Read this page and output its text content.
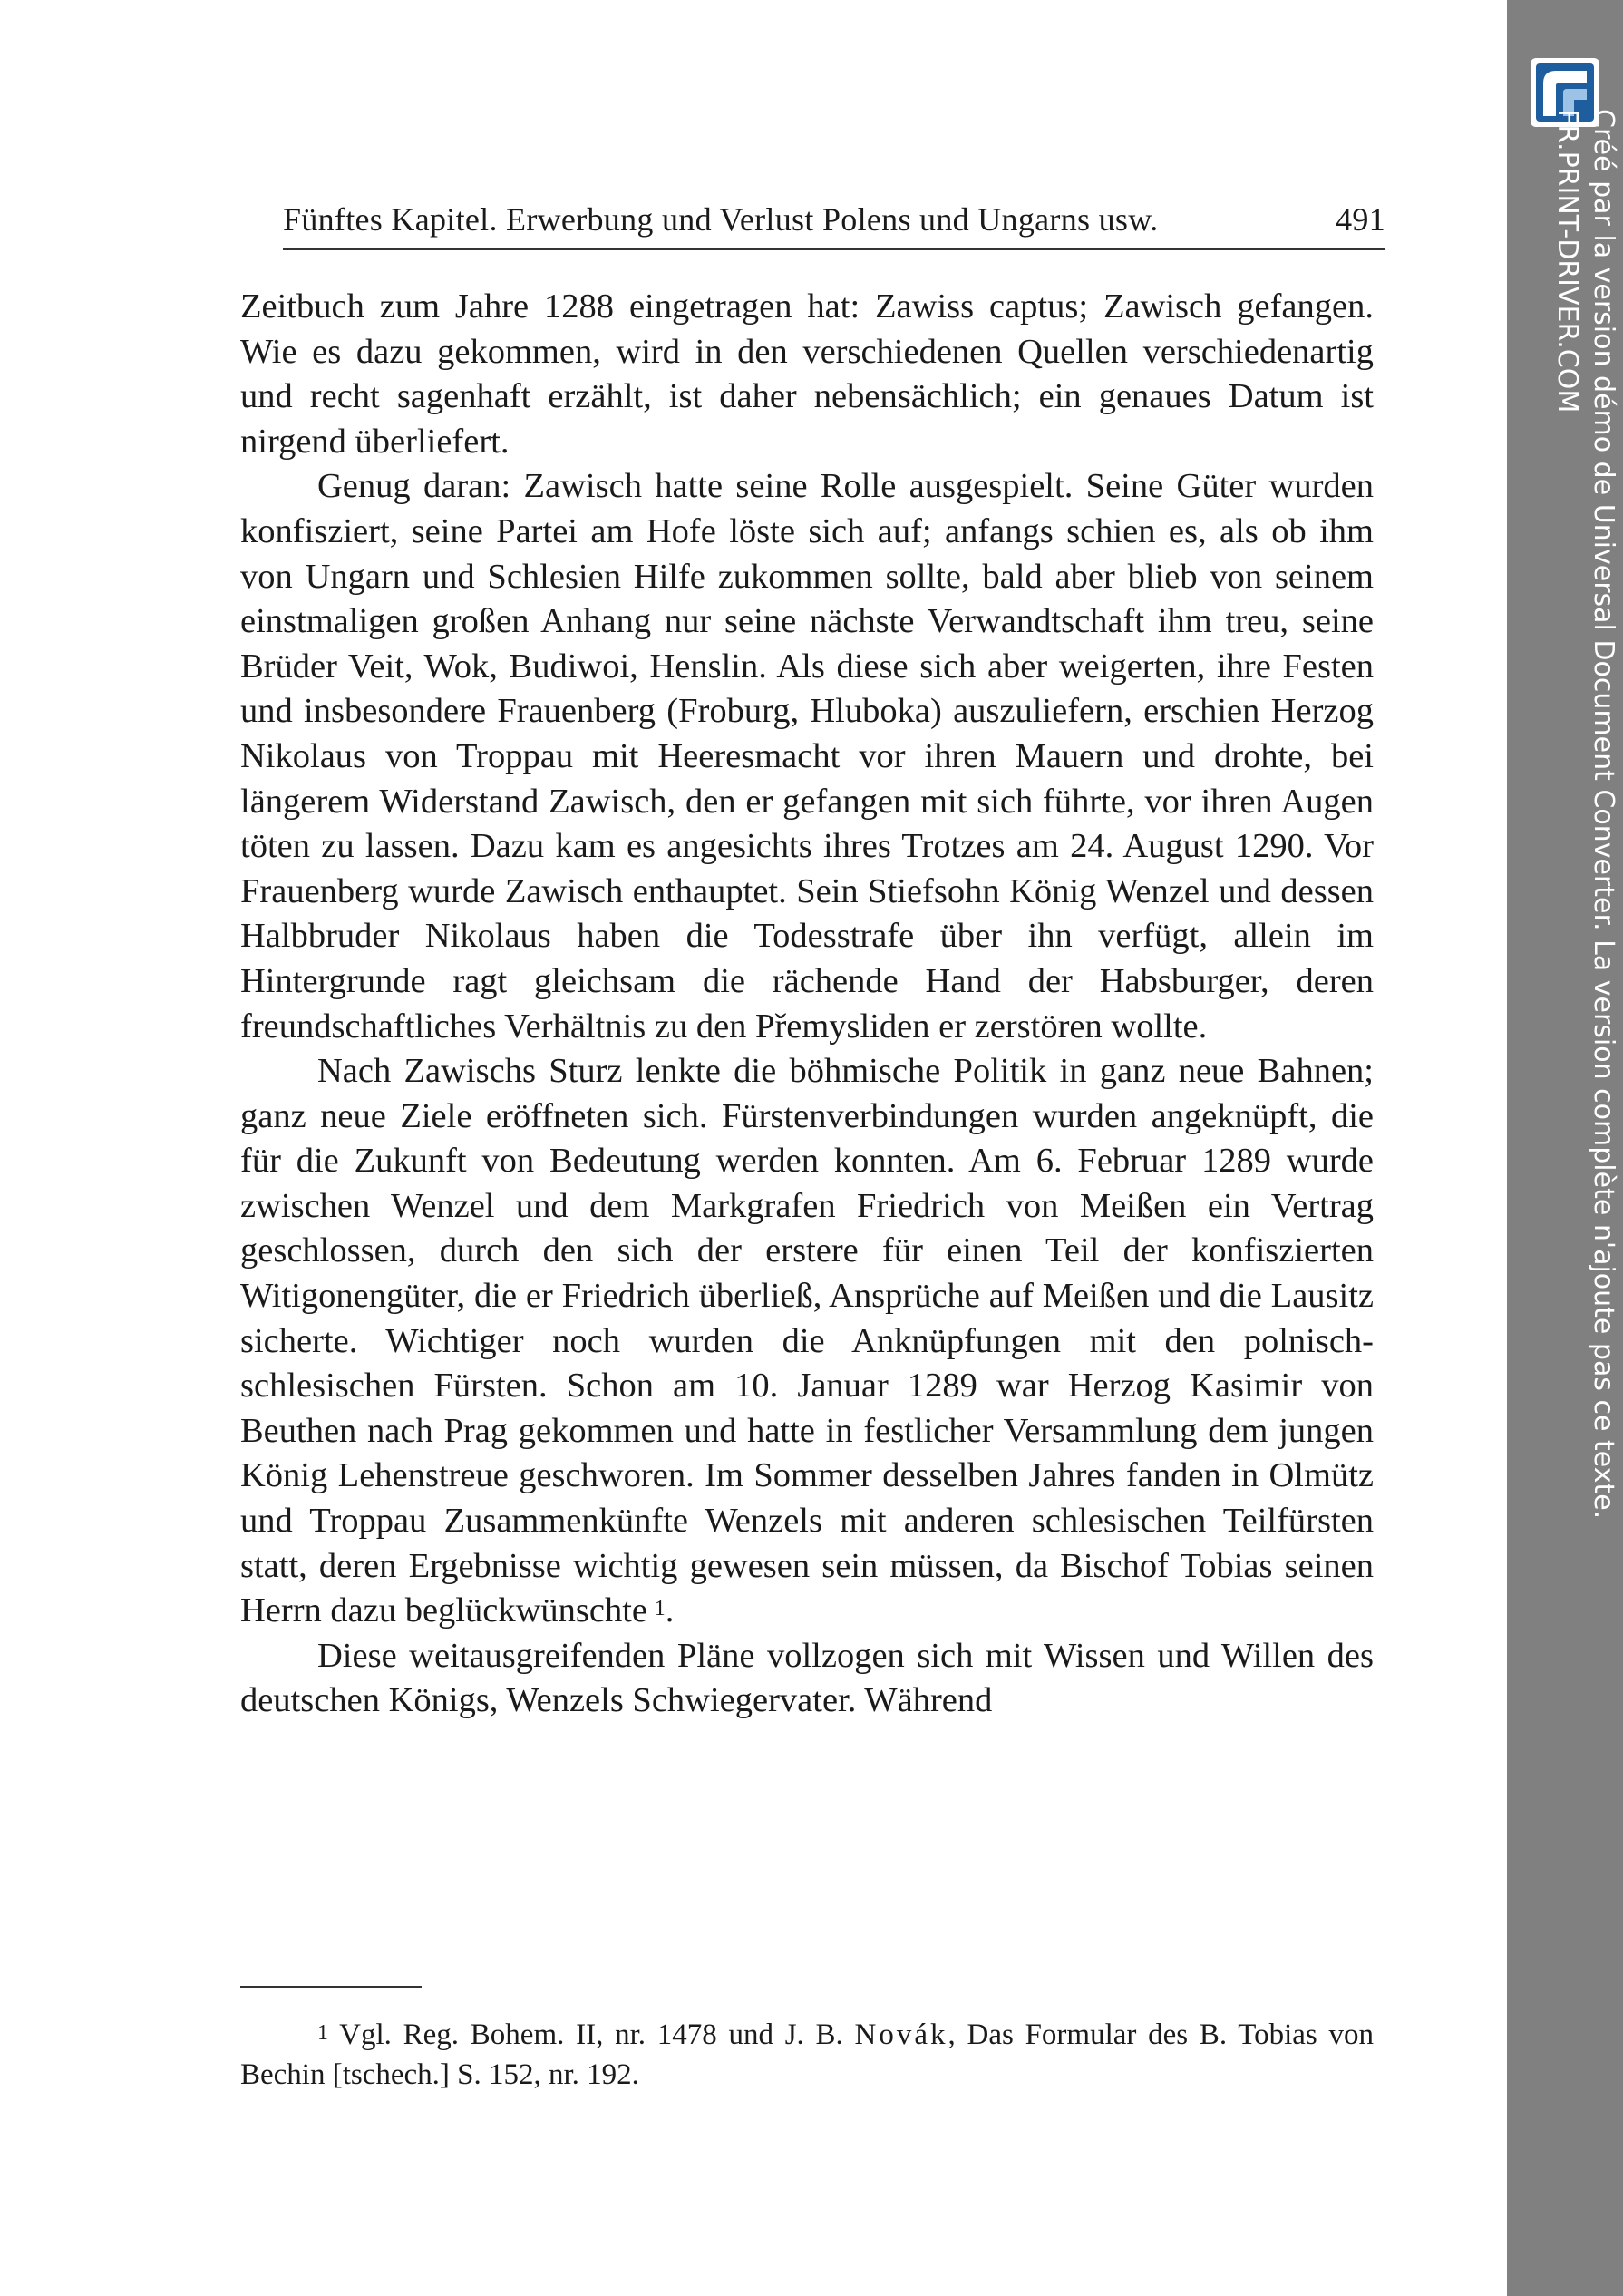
Fünftes Kapitel. Erwerbung und Verlust Polens und Ungarns usw.	491

Zeitbuch zum Jahre 1288 eingetragen hat: Zawiss captus; Zawisch gefangen. Wie es dazu gekommen, wird in den verschiedenen Quellen verschiedenartig und recht sagenhaft erzählt, ist daher nebensächlich; ein genaues Datum ist nirgend überliefert.

Genug daran: Zawisch hatte seine Rolle ausgespielt. Seine Güter wurden konfisziert, seine Partei am Hofe löste sich auf; anfangs schien es, als ob ihm von Ungarn und Schlesien Hilfe zukommen sollte, bald aber blieb von seinem einstmaligen großen Anhang nur seine nächste Verwandtschaft ihm treu, seine Brüder Veit, Wok, Budiwoi, Henslin. Als diese sich aber weigerten, ihre Festen und insbesondere Frauenberg (Froburg, Hluboka) auszuliefern, erschien Herzog Nikolaus von Troppau mit Heeresmacht vor ihren Mauern und drohte, bei längerem Widerstand Zawisch, den er gefangen mit sich führte, vor ihren Augen töten zu lassen. Dazu kam es angesichts ihres Trotzes am 24. August 1290. Vor Frauenberg wurde Zawisch enthauptet. Sein Stiefsohn König Wenzel und dessen Halbbruder Nikolaus haben die Todesstrafe über ihn verfügt, allein im Hintergrunde ragt gleichsam die rächende Hand der Habsburger, deren freundschaftliches Verhältnis zu den Přemysliden er zerstören wollte.

Nach Zawischs Sturz lenkte die böhmische Politik in ganz neue Bahnen; ganz neue Ziele eröffneten sich. Fürstenverbindungen wurden angeknüpft, die für die Zukunft von Bedeutung werden konnten. Am 6. Februar 1289 wurde zwischen Wenzel und dem Markgrafen Friedrich von Meißen ein Vertrag geschlossen, durch den sich der erstere für einen Teil der konfiszierten Witigonengüter, die er Friedrich überließ, Ansprüche auf Meißen und die Lausitz sicherte. Wichtiger noch wurden die Anknüpfungen mit den polnisch-schlesischen Fürsten. Schon am 10. Januar 1289 war Herzog Kasimir von Beuthen nach Prag gekommen und hatte in festlicher Versammlung dem jungen König Lehenstreue geschworen. Im Sommer desselben Jahres fanden in Olmütz und Troppau Zusammenkünfte Wenzels mit anderen schlesischen Teilfürsten statt, deren Ergebnisse wichtig gewesen sein müssen, da Bischof Tobias seinen Herrn dazu beglückwünschte  $^1$.

Diese weitausgreifenden Pläne vollzogen sich mit Wissen und Willen des deutschen Königs, Wenzels Schwiegervater. Während

$^1$ Vgl. Reg. Bohem. II, nr. 1478 und J. B. Novák, Das Formular des B. Tobias von Bechin [tschech.] S. 152, nr. 192.

Créé par la version démo de Universal Document Converter. La version complète n'ajoute pas ce texte.
FR.PRINT-DRIVER.COM
